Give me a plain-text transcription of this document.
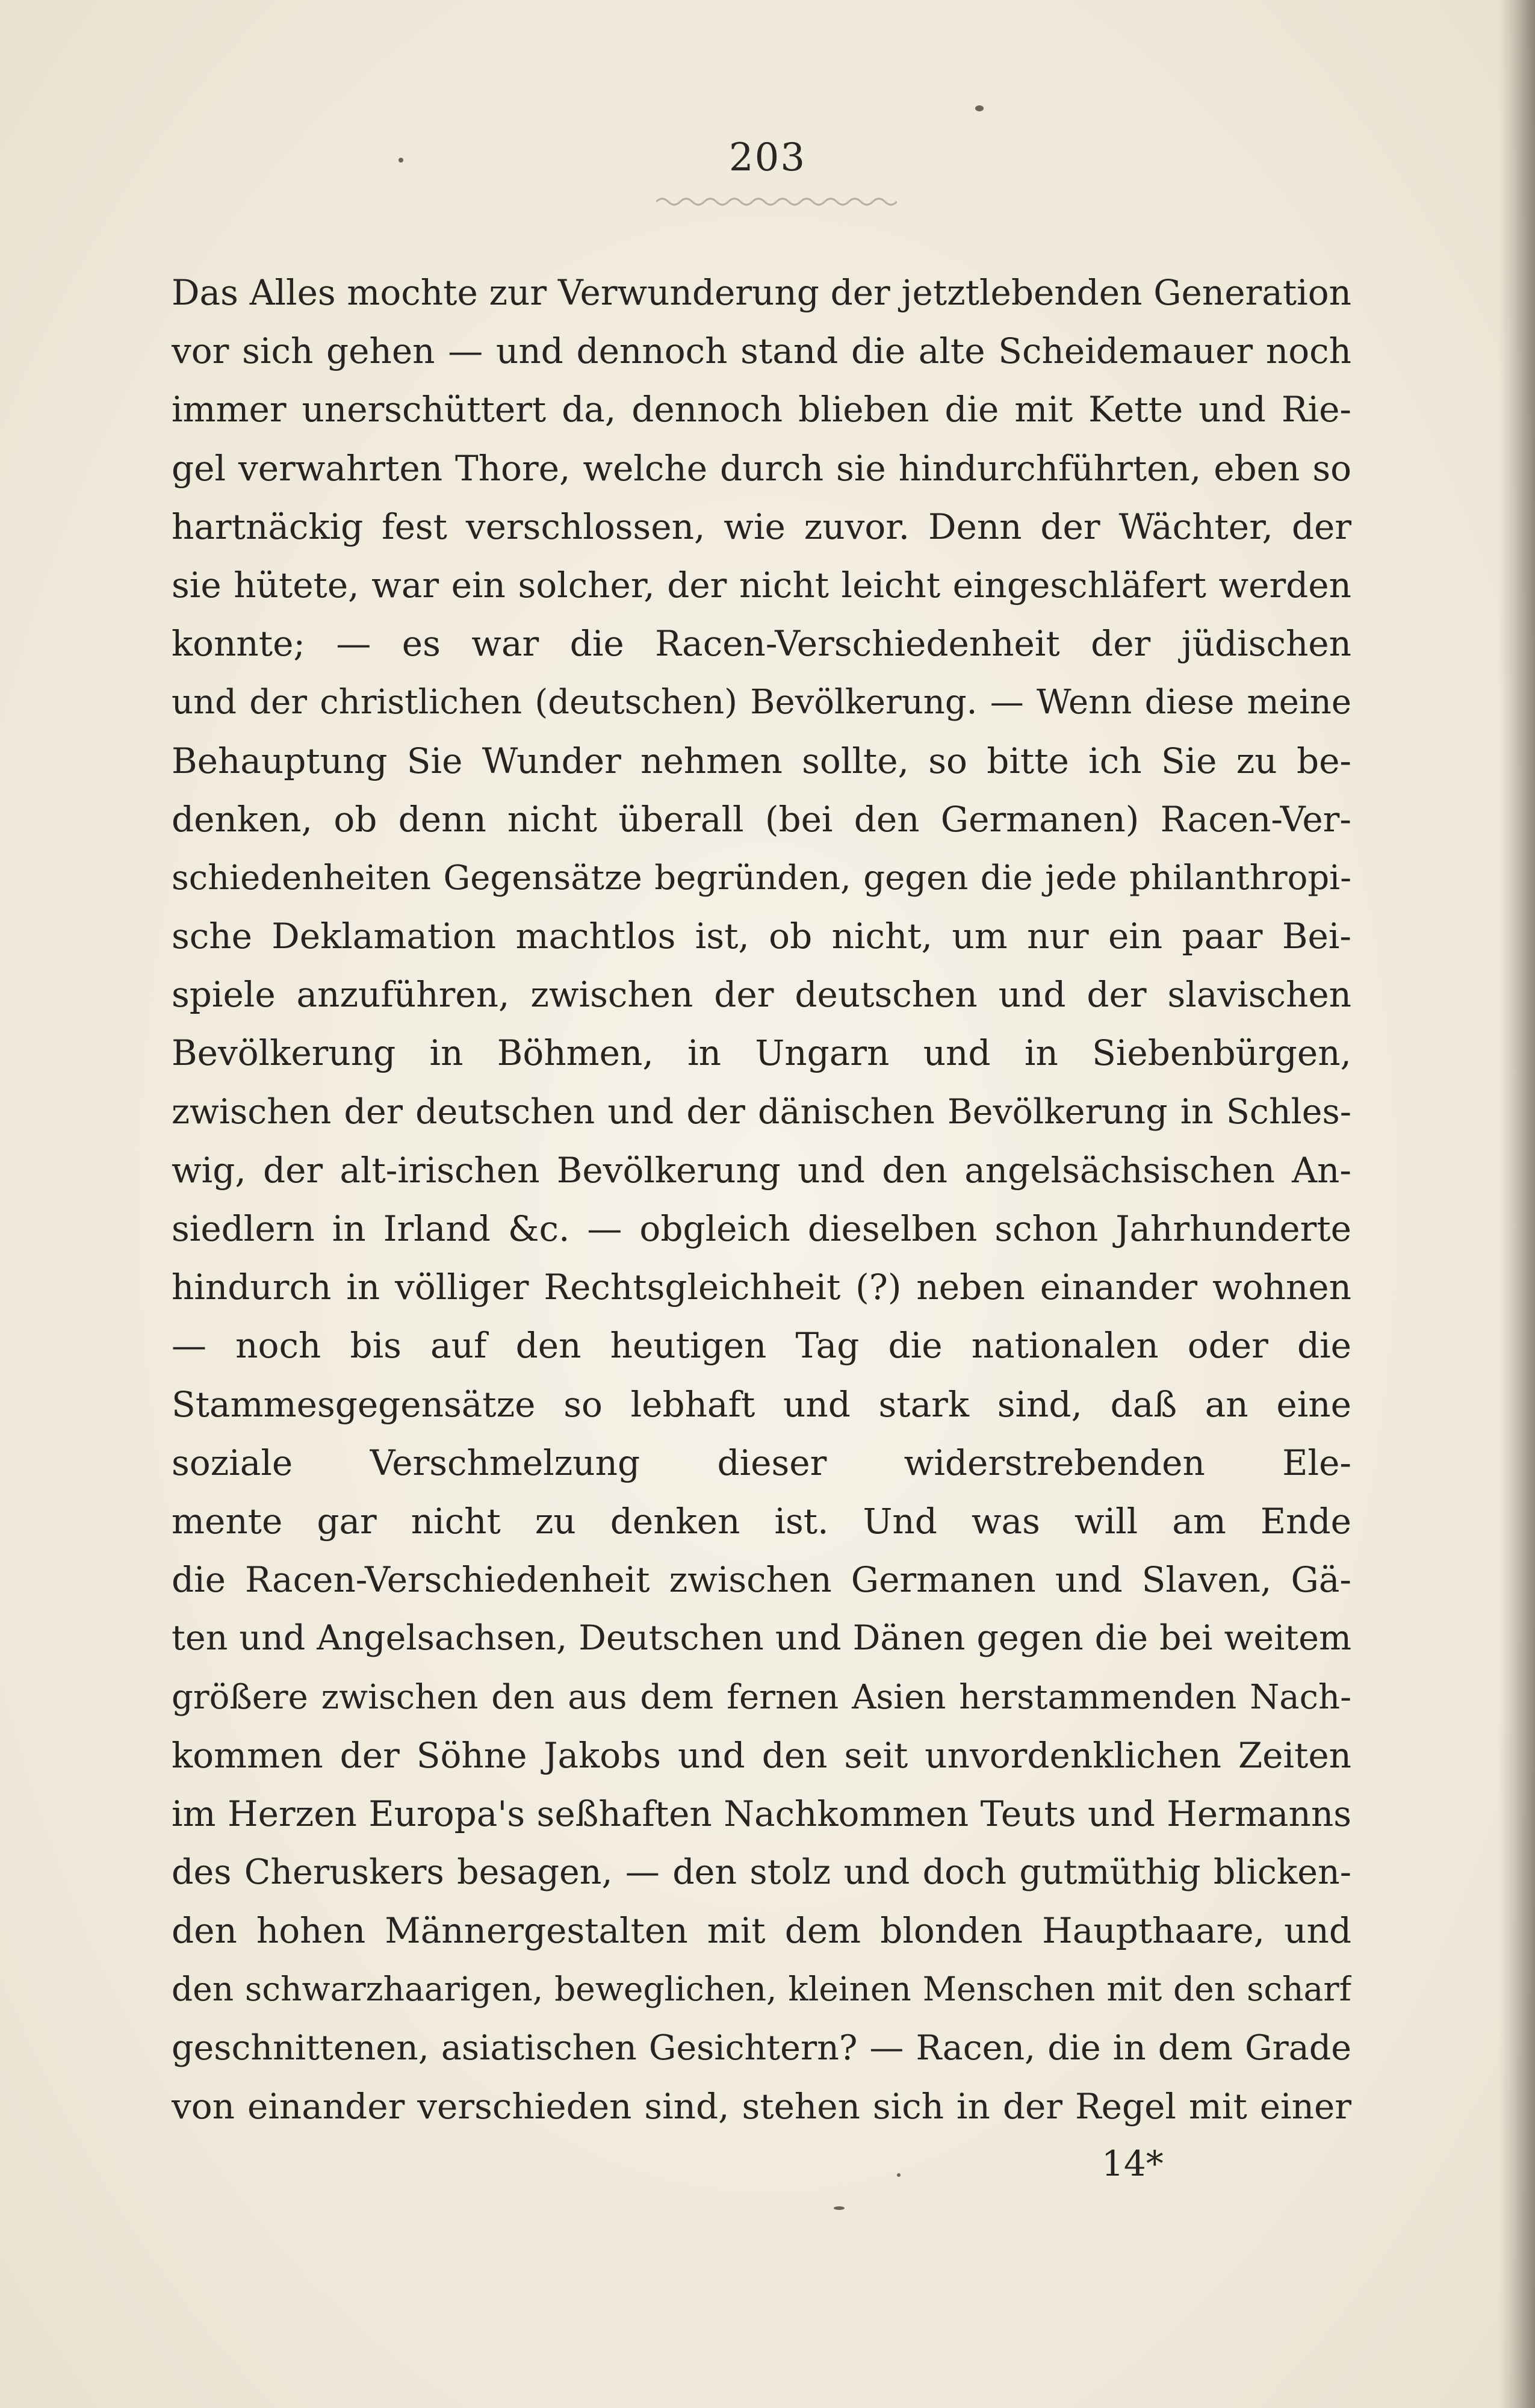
203
Das Alles mochte zur Verwunderung der jetztlebenden Generation
vor sich gehen — und dennoch stand die alte Scheidemauer noch
immer unerschüttert da, dennoch blieben die mit Kette und Rie-
gel verwahrten Thore, welche durch sie hindurchführten, eben so
hartnäckig fest verschlossen, wie zuvor. Denn der Wächter, der
sie hütete, war ein solcher, der nicht leicht eingeschläfert werden
konnte; — es war die Racen-Verschiedenheit der jüdischen
und der christlichen (deutschen) Bevölkerung. — Wenn diese meine
Behauptung Sie Wunder nehmen sollte, so bitte ich Sie zu be-
denken, ob denn nicht überall (bei den Germanen) Racen-Ver-
schiedenheiten Gegensätze begründen, gegen die jede philanthropi-
sche Deklamation machtlos ist, ob nicht, um nur ein paar Bei-
spiele anzuführen, zwischen der deutschen und der slavischen
Bevölkerung in Böhmen, in Ungarn und in Siebenbürgen,
zwischen der deutschen und der dänischen Bevölkerung in Schles-
wig, der alt-irischen Bevölkerung und den angelsächsischen An-
siedlern in Irland &c. — obgleich dieselben schon Jahrhunderte
hindurch in völliger Rechtsgleichheit (?) neben einander wohnen
— noch bis auf den heutigen Tag die nationalen oder die
Stammesgegensätze so lebhaft und stark sind, daß an eine
soziale Verschmelzung dieser widerstrebenden Ele-
mente gar nicht zu denken ist. Und was will am Ende
die Racen-Verschiedenheit zwischen Germanen und Slaven, Gä-
ten und Angelsachsen, Deutschen und Dänen gegen die bei weitem
größere zwischen den aus dem fernen Asien herstammenden Nach-
kommen der Söhne Jakobs und den seit unvordenklichen Zeiten
im Herzen Europa's seßhaften Nachkommen Teuts und Hermanns
des Cheruskers besagen, — den stolz und doch gutmüthig blicken-
den hohen Männergestalten mit dem blonden Haupthaare, und
den schwarzhaarigen, beweglichen, kleinen Menschen mit den scharf
geschnittenen, asiatischen Gesichtern? — Racen, die in dem Grade
von einander verschieden sind, stehen sich in der Regel mit einer
14*
